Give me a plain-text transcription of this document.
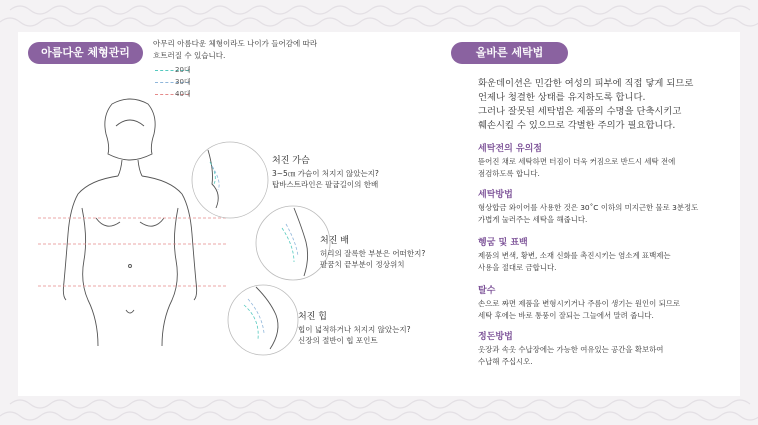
아름다운 체형관리
아무리 아름다운 체형이라도 나이가 들어감에 따라
흐트러질 수 있습니다.
20대
30대
40대
처진 가슴
3~5㎝ 가슴이 처지지 않았는지?
탑바스트라인은 팔굽길이의 한배
처진 배
허리의 잘록한 부분은 어떠한지?
팔꿈치 끝부분이 정상위치
처진 힙
힙이 넓적하거나 처지지 않았는지?
신장의 절반이 힙 포인트
올바른 세탁법
화운데이션은 민감한 여성의 피부에 직접 닿게 되므로
언제나 청결한 상태를 유지하도록 합니다.
그러나 잘못된 세탁법은 제품의 수명을 단축시키고
훼손시킬 수 있으므로 각별한 주의가 필요합니다.
세탁전의 유의점
뜯어진 채로 세탁하면 터짐이 더욱 커짐으로 반드시 세탁 전에
점검하도록 합니다.
세탁방법
형상합금 와이어를 사용한 것은 30˚C 이하의 미지근한 물로 3분정도
가볍게 눌러주는 세탁을 해줍니다.
헹굼 및 표백
제품의 변색, 황변, 소재 신화를 촉진시키는 염소계 표백제는
사용을 절대로 금합니다.
탈수
손으로 짜면 제품을 변형시키거나 주름이 생기는 원인이 되므로
세탁 후에는 바로 통풍이 잘되는 그늘에서 말려 줍니다.
정돈방법
옷장과 속옷 수납장에는 가능한 여유있는 공간을 확보하여
수납해 주십시오.
